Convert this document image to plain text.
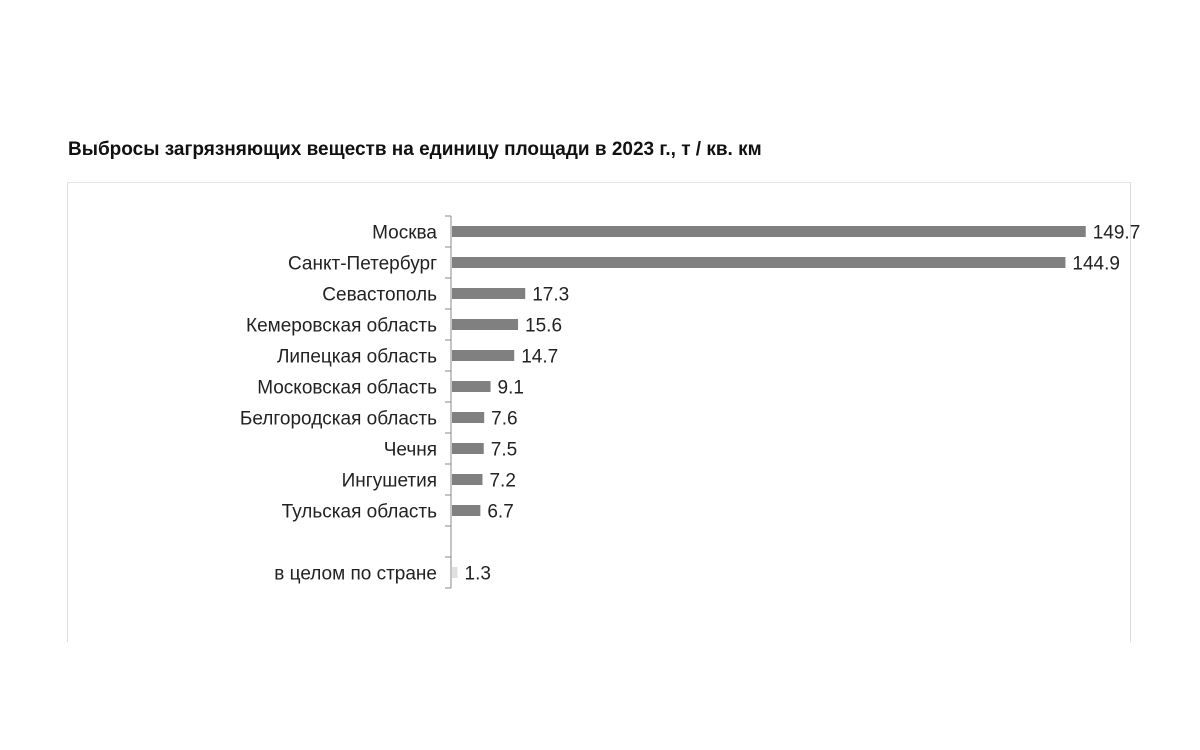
Выбросы загрязняющих веществ на единицу площади в 2023 г., т / кв. км
Москва	149.7
Санкт-Петербург	144.9
Севастополь	17.3
Кемеровская область	15.6
Липецкая область	14.7
Московская область	9.1
Белгородская область	7.6
Чечня	7.5
Ингушетия	7.2
Тульская область	6.7
в целом по стране 1.3
